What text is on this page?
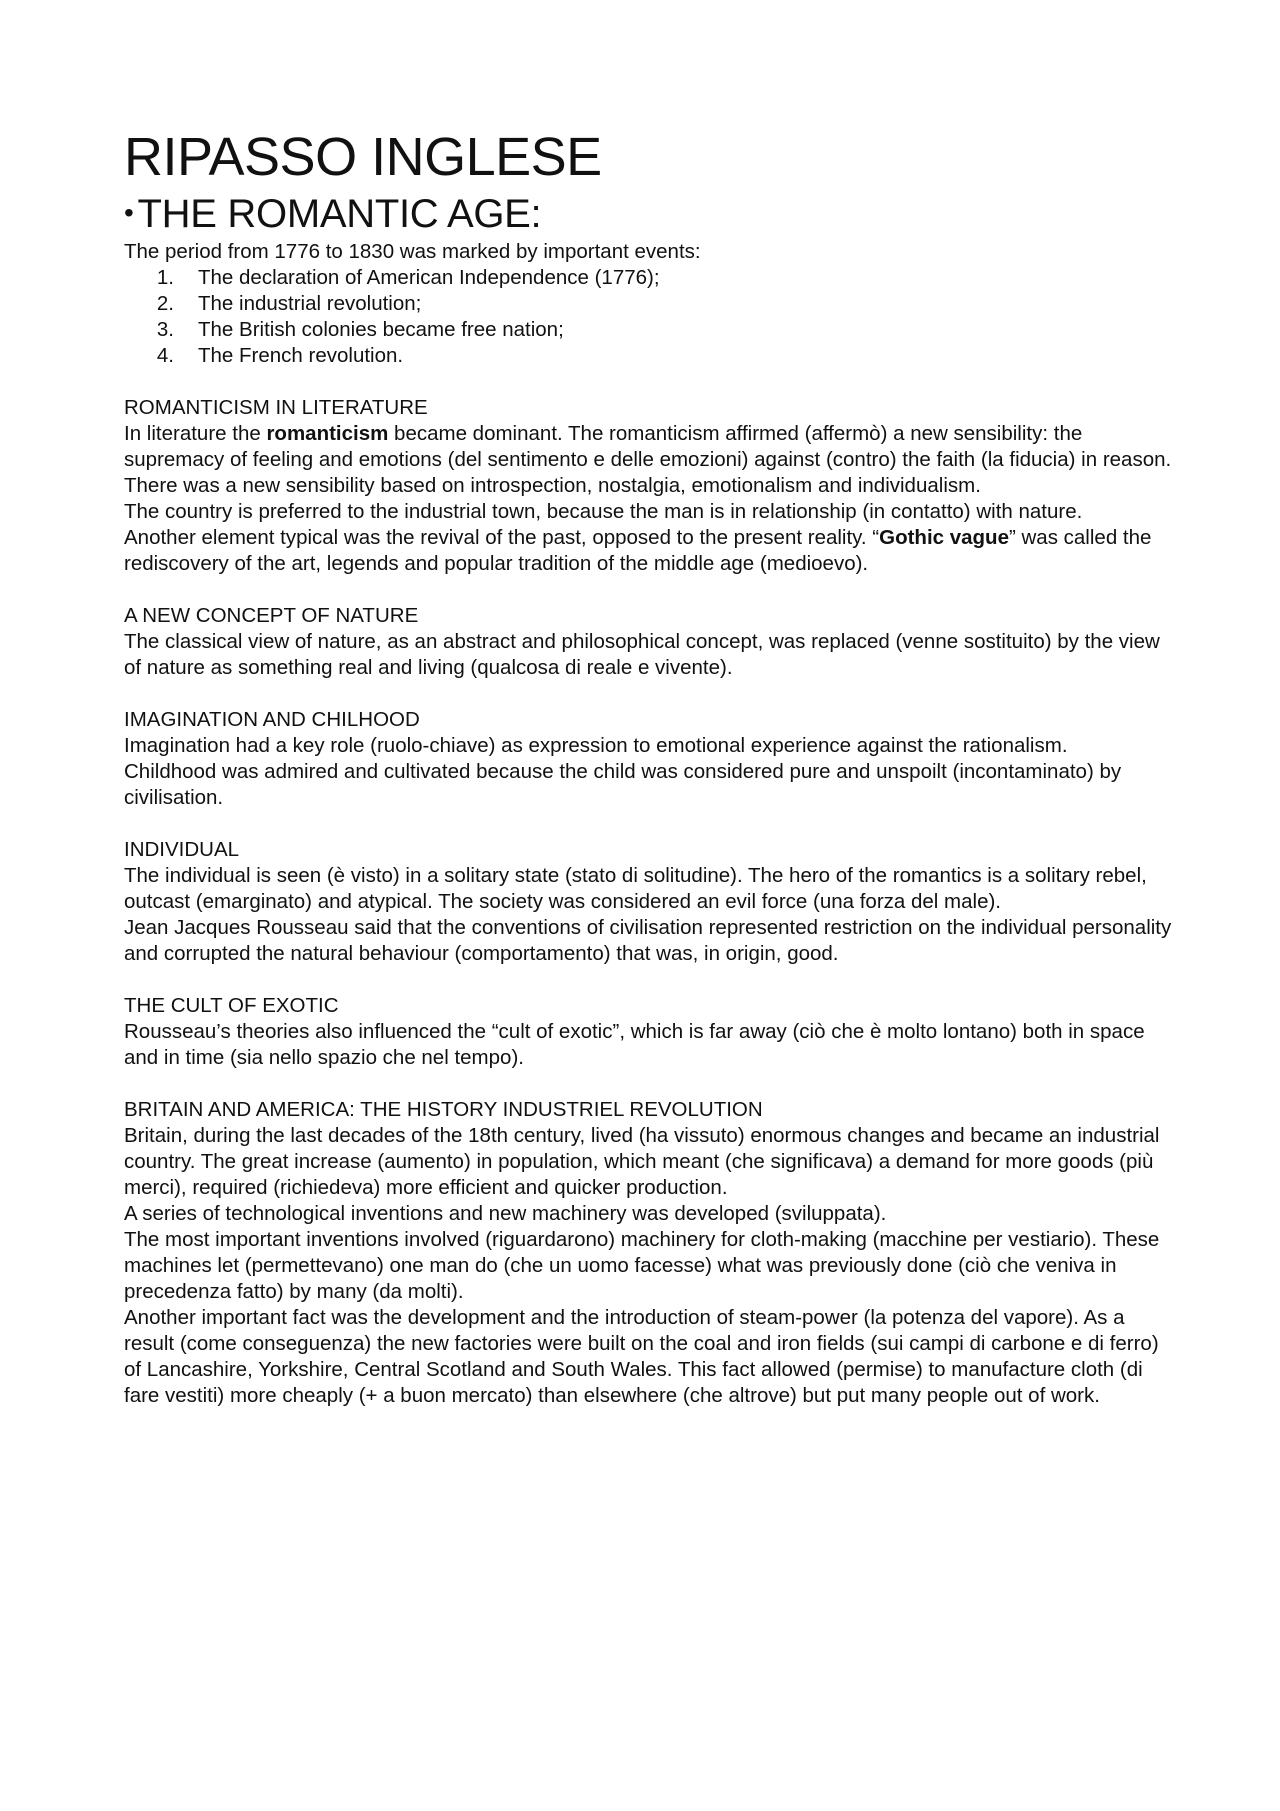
RIPASSO INGLESE
• THE ROMANTIC AGE:

The period from 1776 to 1830 was marked by important events:

1.	The declaration of American Independence (1776);
2.	The industrial revolution;
3.	The British colonies became free nation;
4.	The French revolution.

ROMANTICISM IN LITERATURE

In literature the romanticism became dominant. The romanticism affirmed (affermò) a new sensibility: the supremacy of feeling and emotions (del sentimento e delle emozioni) against (contro) the faith (la fiducia) in reason.

There was a new sensibility based on introspection, nostalgia, emotionalism and individualism.

The country is preferred to the industrial town, because the man is in relationship (in contatto) with nature.

Another element typical was the revival of the past, opposed to the present reality. “Gothic vague” was called the rediscovery of the art, legends and popular tradition of the middle age (medioevo).

A NEW CONCEPT OF NATURE

The classical view of nature, as an abstract and philosophical concept, was replaced (venne sostituito) by the view of nature as something real and living (qualcosa di reale e vivente).

IMAGINATION AND CHILHOOD

Imagination had a key role (ruolo-chiave) as expression to emotional experience against the rationalism.

Childhood was admired and cultivated because the child was considered pure and unspoilt (incontaminato) by civilisation.

INDIVIDUAL

The individual is seen (è visto) in a solitary state (stato di solitudine). The hero of the romantics is a solitary rebel, outcast (emarginato) and atypical. The society was considered an evil force (una forza del male).

Jean Jacques Rousseau said that the conventions of civilisation represented restriction on the individual personality and corrupted the natural behaviour (comportamento) that was, in origin, good.

THE CULT OF EXOTIC

Rousseau’s theories also influenced the “cult of exotic”, which is far away (ciò che è molto lontano) both in space and in time (sia nello spazio che nel tempo).

BRITAIN AND AMERICA: THE HISTORY INDUSTRIEL REVOLUTION

Britain, during the last decades of the 18th century, lived (ha vissuto) enormous changes and became an industrial country. The great increase (aumento) in population, which meant (che significava) a demand for more goods (più merci), required (richiedeva) more efficient and quicker production.

A series of technological inventions and new machinery was developed (sviluppata).

The most important inventions involved (riguardarono) machinery for cloth-making (macchine per vestiario). These machines let (permettevano) one man do (che un uomo facesse) what was previously done (ciò che veniva in precedenza fatto) by many (da molti).

Another important fact was the development and the introduction of steam-power (la potenza del vapore). As a result (come conseguenza) the new factories were built on the coal and iron fields (sui campi di carbone e di ferro) of Lancashire, Yorkshire, Central Scotland and South Wales. This fact allowed (permise) to manufacture cloth (di fare vestiti) more cheaply (+ a buon mercato) than elsewhere (che altrove) but put many people out of work.
